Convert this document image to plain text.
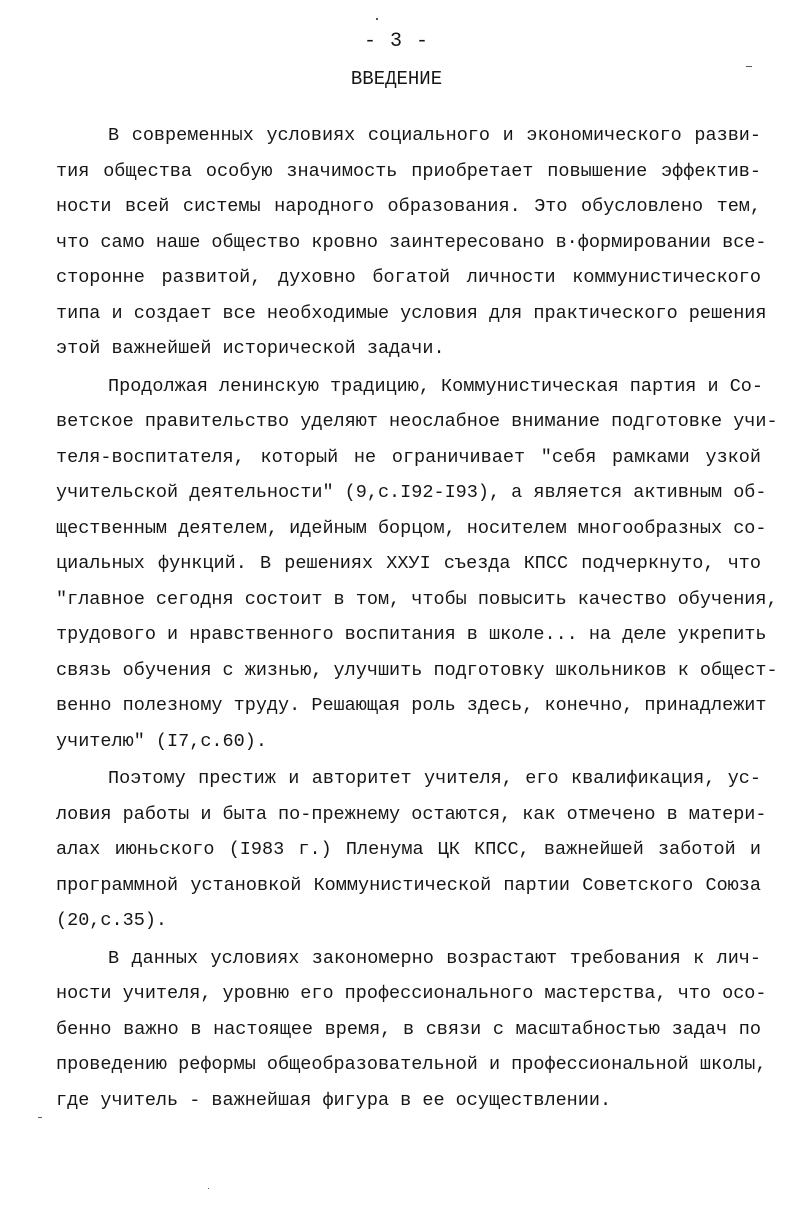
- 3 -
ВВЕДЕНИЕ
В современных условиях социального и экономического разви-
тия общества особую значимость приобретает повышение эффектив-
ности всей системы народного образования. Это обусловлено тем,
что само наше общество кровно заинтересовано в·формировании все-
сторонне развитой, духовно богатой личности коммунистического
типа и создает все необходимые условия для практического решения
этой важнейшей исторической задачи.
Продолжая ленинскую традицию, Коммунистическая партия и Со-
ветское правительство уделяют неослабное внимание подготовке учи-
теля-воспитателя, который не ограничивает "себя рамками узкой
учительской деятельности" (9,с.I92-I93), а является активным об-
щественным деятелем, идейным борцом, носителем многообразных со-
циальных функций. В решениях XXУI съезда КПСС подчеркнуто, что
"главное сегодня состоит в том, чтобы повысить качество обучения,
трудового и нравственного воспитания в школе... на деле укрепить
связь обучения с жизнью, улучшить подготовку школьников к общест-
венно полезному труду. Решающая роль здесь, конечно, принадлежит
учителю" (I7,с.60).
Поэтому престиж и авторитет учителя, его квалификация, ус-
ловия работы и быта по-прежнему остаются, как отмечено в матери-
алах июньского (I983 г.) Пленума ЦК КПСС, важнейшей заботой и
программной установкой Коммунистической партии Советского Союза
(20,с.35).
В данных условиях закономерно возрастают требования к лич-
ности учителя, уровню его профессионального мастерства, что осо-
бенно важно в настоящее время, в связи с масштабностью задач по
проведению реформы общеобразовательной и профессиональной школы,
где учитель - важнейшая фигура в ее осуществлении.
